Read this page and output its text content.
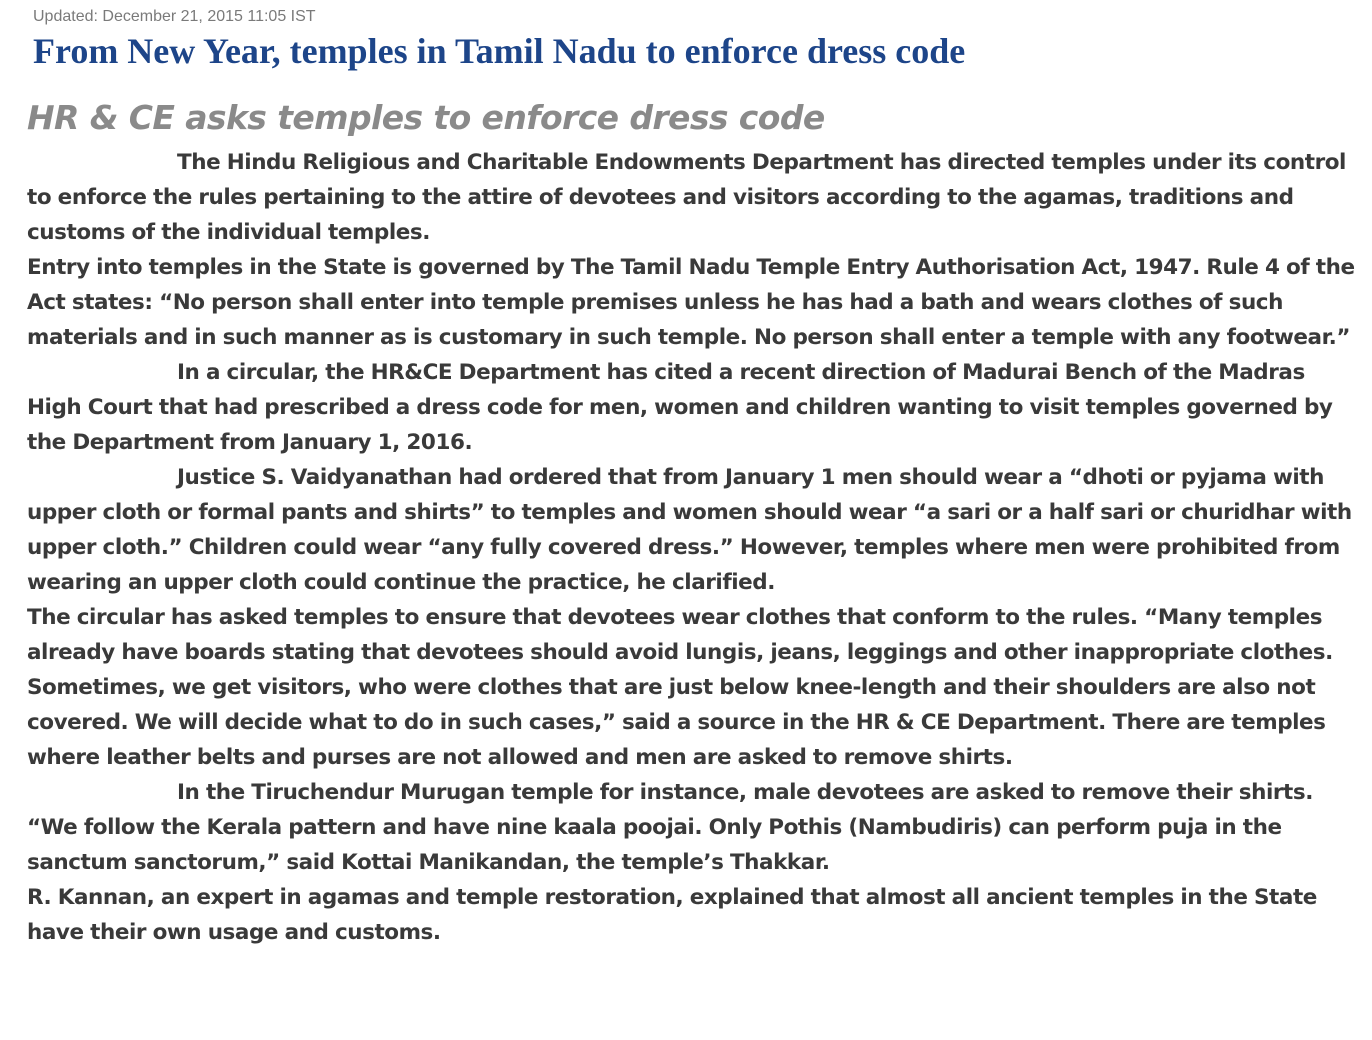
Updated: December 21, 2015 11:05 IST
From New Year, temples in Tamil Nadu to enforce dress code
HR & CE asks temples to enforce dress code

The Hindu Religious and Charitable Endowments Department has directed temples under its control to enforce the rules pertaining to the attire of devotees and visitors according to the agamas, traditions and customs of the individual temples.

Entry into temples in the State is governed by The Tamil Nadu Temple Entry Authorisation Act, 1947. Rule 4 of the Act states: “No person shall enter into temple premises unless he has had a bath and wears clothes of such materials and in such manner as is customary in such temple. No person shall enter a temple with any footwear.”

In a circular, the HR&CE Department has cited a recent direction of Madurai Bench of the Madras High Court that had prescribed a dress code for men, women and children wanting to visit temples governed by the Department from January 1, 2016.

Justice S. Vaidyanathan had ordered that from January 1 men should wear a “dhoti or pyjama with upper cloth or formal pants and shirts” to temples and women should wear “a sari or a half sari or churidhar with upper cloth.” Children could wear “any fully covered dress.” However, temples where men were prohibited from wearing an upper cloth could continue the practice, he clarified.

The circular has asked temples to ensure that devotees wear clothes that conform to the rules. “Many temples already have boards stating that devotees should avoid lungis, jeans, leggings and other inappropriate clothes. Sometimes, we get visitors, who were clothes that are just below knee-length and their shoulders are also not covered. We will decide what to do in such cases,” said a source in the HR & CE Department. There are temples where leather belts and purses are not allowed and men are asked to remove shirts.

In the Tiruchendur Murugan temple for instance, male devotees are asked to remove their shirts. “We follow the Kerala pattern and have nine kaala poojai. Only Pothis (Nambudiris) can perform puja in the sanctum sanctorum,” said Kottai Manikandan, the temple’s Thakkar.

R. Kannan, an expert in agamas and temple restoration, explained that almost all ancient temples in the State have their own usage and customs.
